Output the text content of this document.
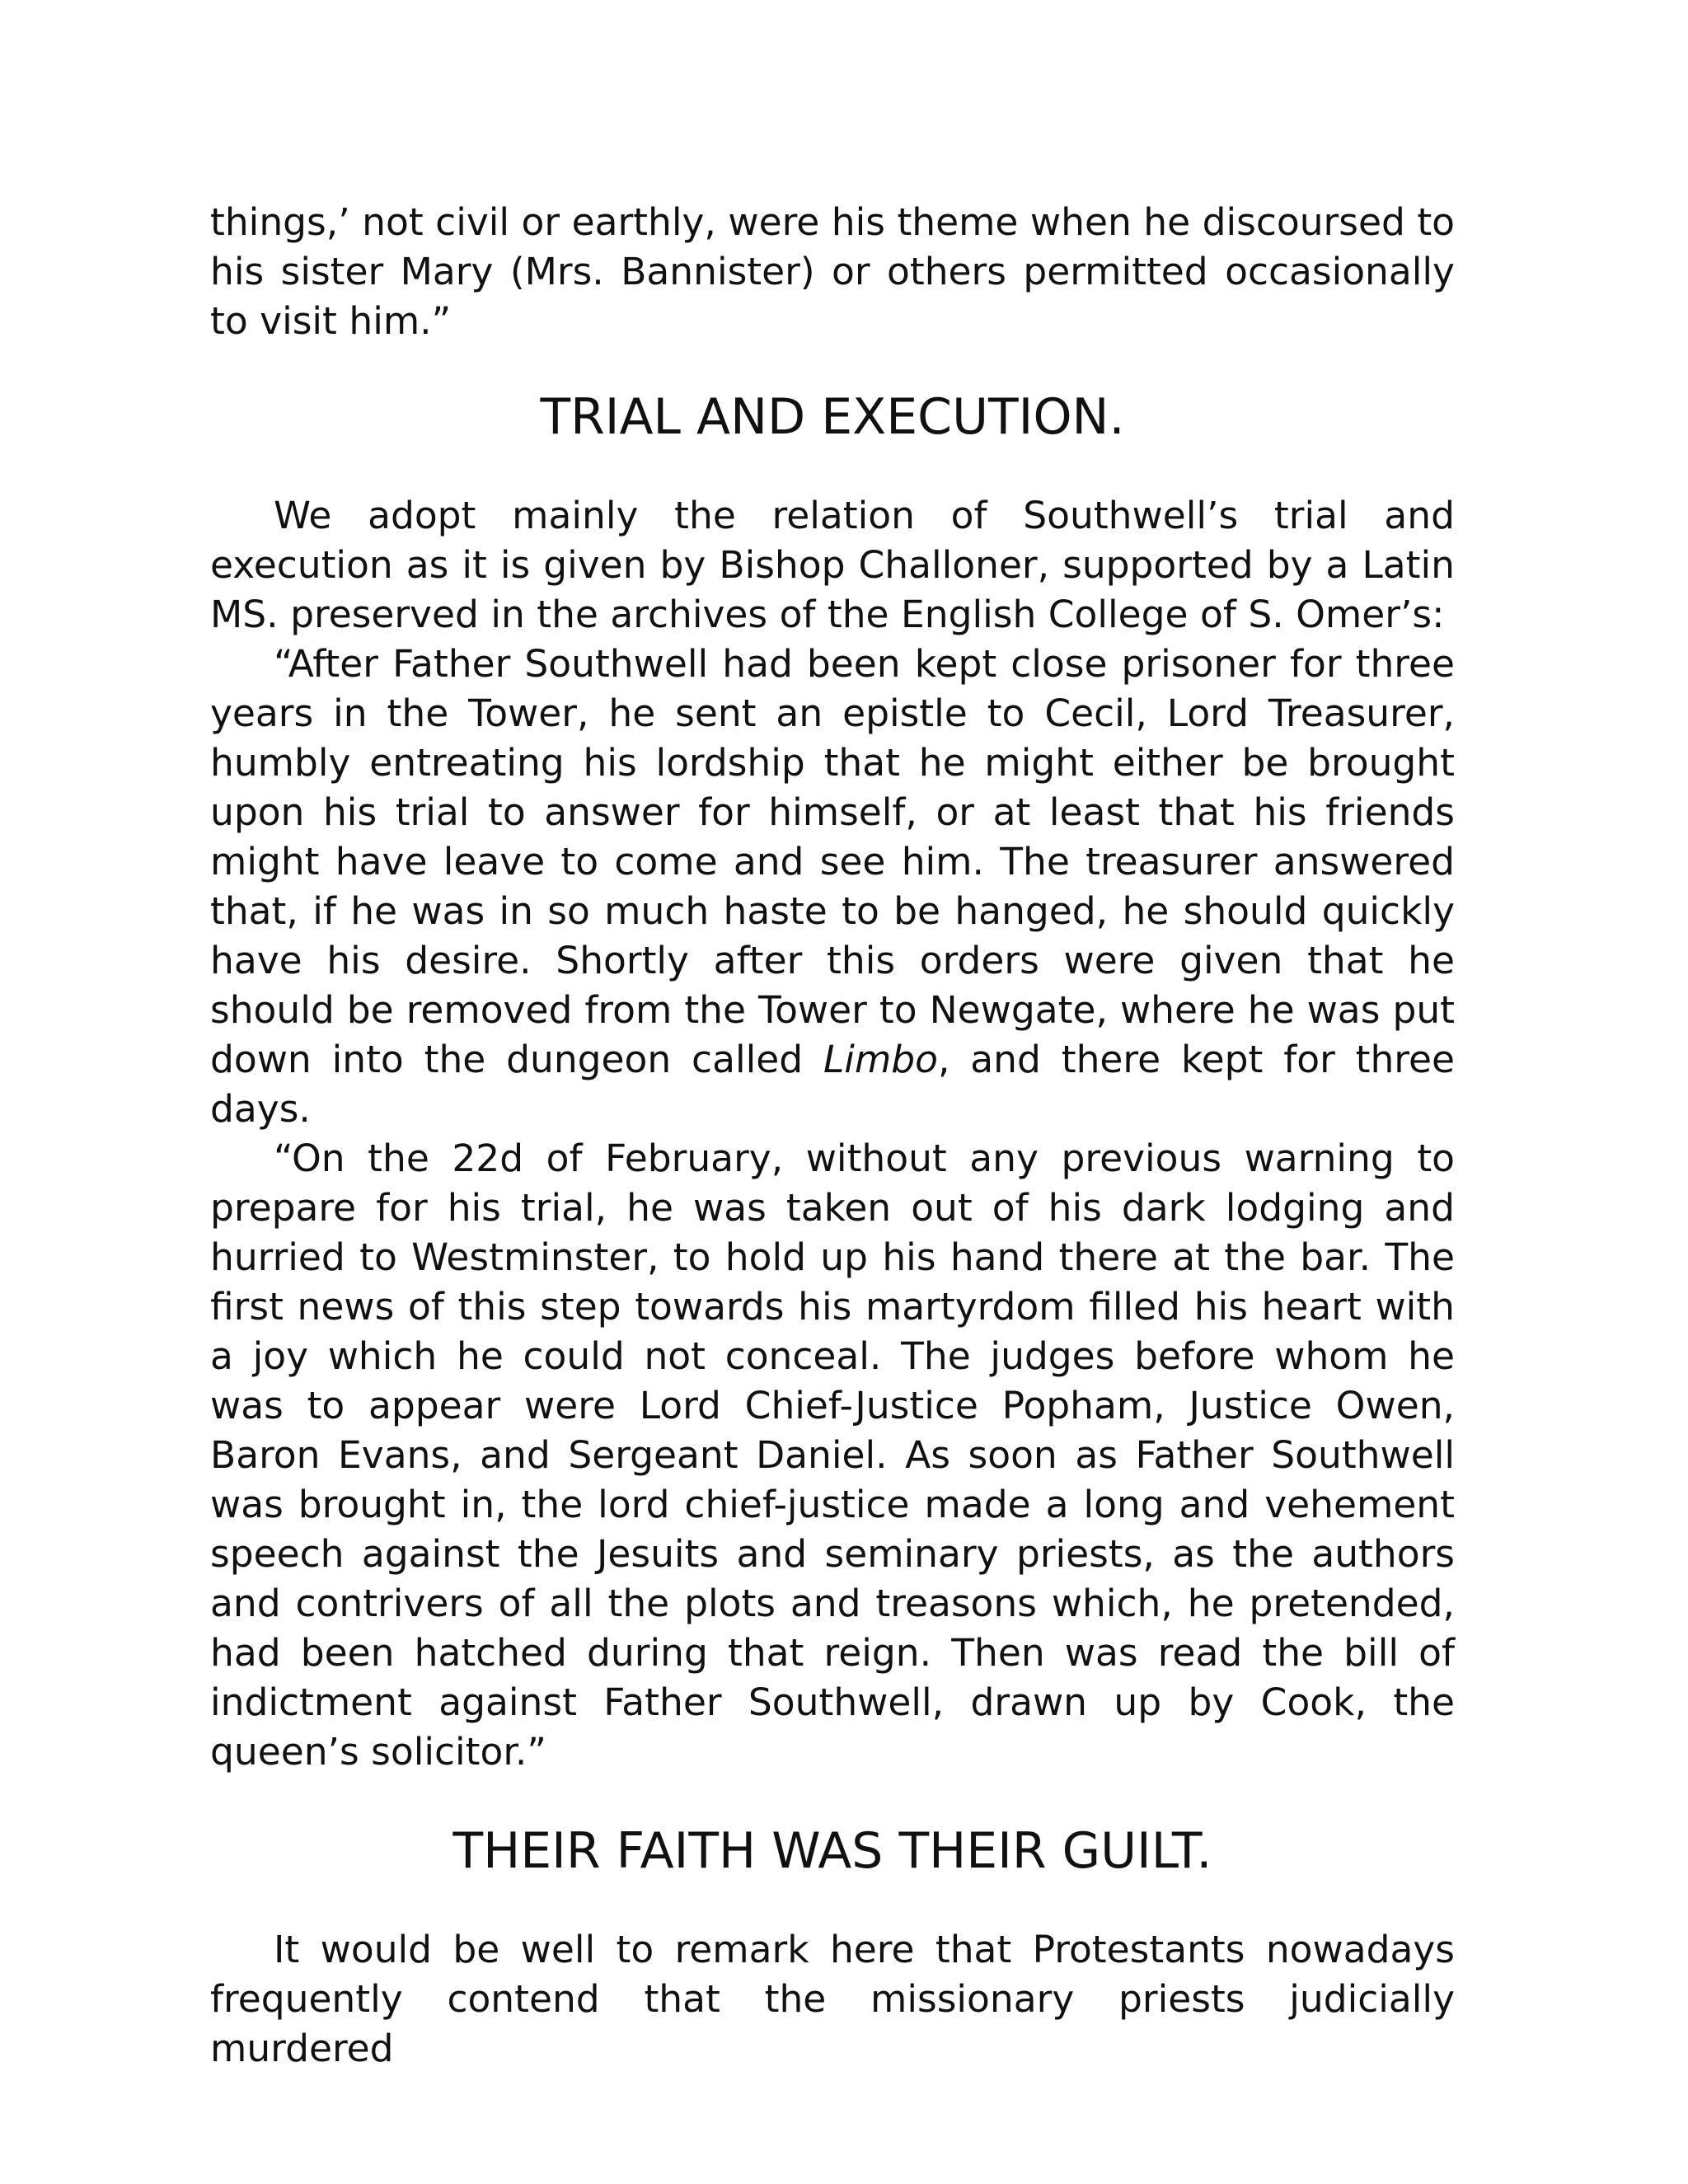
things,’ not civil or earthly, were his theme when he discoursed to his sister Mary (Mrs. Bannister) or others permitted occasionally to visit him.”

TRIAL AND EXECUTION.

We adopt mainly the relation of Southwell’s trial and execution as it is given by Bishop Challoner, supported by a Latin MS. preserved in the archives of the English College of S. Omer’s:

“After Father Southwell had been kept close prisoner for three years in the Tower, he sent an epistle to Cecil, Lord Treasurer, humbly entreating his lordship that he might either be brought upon his trial to answer for himself, or at least that his friends might have leave to come and see him. The treasurer answered that, if he was in so much haste to be hanged, he should quickly have his desire. Shortly after this orders were given that he should be removed from the Tower to Newgate, where he was put down into the dungeon called Limbo, and there kept for three days.

“On the 22d of February, without any previous warning to prepare for his trial, he was taken out of his dark lodging and hurried to Westminster, to hold up his hand there at the bar. The first news of this step towards his martyrdom filled his heart with a joy which he could not conceal. The judges before whom he was to appear were Lord Chief-Justice Popham, Justice Owen, Baron Evans, and Sergeant Daniel. As soon as Father Southwell was brought in, the lord chief-justice made a long and vehement speech against the Jesuits and seminary priests, as the authors and contrivers of all the plots and treasons which, he pretended, had been hatched during that reign. Then was read the bill of indictment against Father Southwell, drawn up by Cook, the queen’s solicitor.”

THEIR FAITH WAS THEIR GUILT.

It would be well to remark here that Protestants nowadays frequently contend that the missionary priests judicially murdered
